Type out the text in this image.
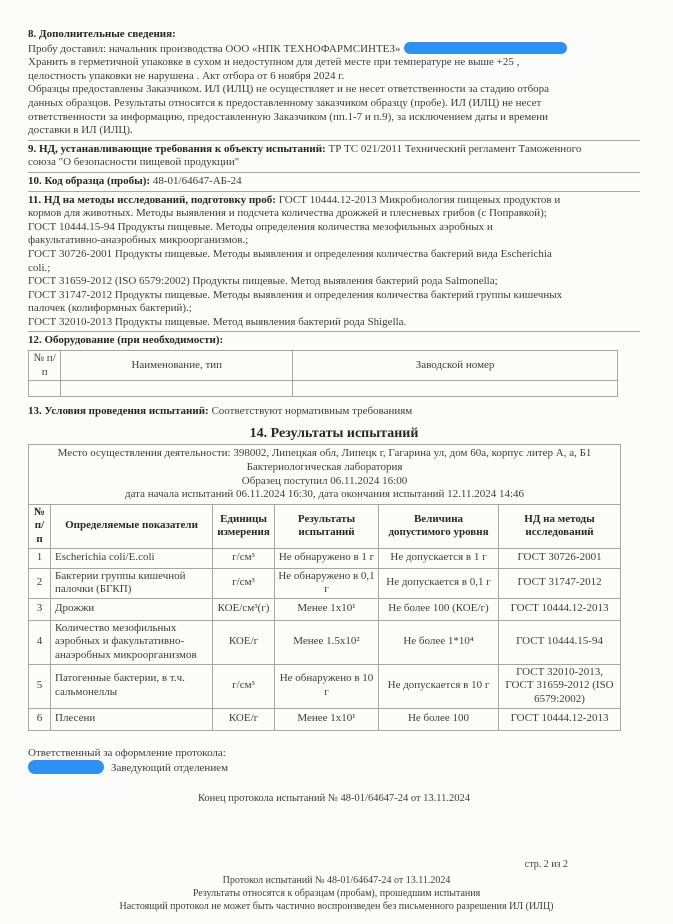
8. Дополнительные сведения:
Пробу доставил: начальник производства ООО «НПК ТЕХНОФАРМСИНТЕЗ»
Хранить в герметичной упаковке в сухом и недоступном для детей месте при температуре не выше +25 ,
целостность упаковки не нарушена . Акт отбора от 6 ноября 2024 г.
Образцы предоставлены Заказчиком. ИЛ (ИЛЦ) не осуществляет и не несет ответственности за стадию отбора
данных образцов. Результаты относятся к предоставленному заказчиком образцу (пробе). ИЛ (ИЛЦ) не несет
ответственности за информацию, предоставленную Заказчиком (пп.1-7 и п.9), за исключением даты и времени
доставки в ИЛ (ИЛЦ).
9. НД, устанавливающие требования к объекту испытаний: ТР ТС 021/2011 Технический регламент Таможенного
союза "О безопасности пищевой продукции"
10. Код образца (пробы): 48-01/64647-АБ-24
11. НД на методы исследований, подготовку проб: ГОСТ 10444.12-2013 Микробиология пищевых продуктов и
кормов для животных. Методы выявления и подсчета количества дрожжей и плесневых грибов (с Поправкой);
ГОСТ 10444.15-94 Продукты пищевые. Методы определения количества мезофильных аэробных и
факультативно-анаэробных микроорганизмов.;
ГОСТ 30726-2001 Продукты пищевые. Методы выявления и определения количества бактерий вида Escherichia
coli.;
ГОСТ 31659-2012 (ISO 6579:2002) Продукты пищевые. Метод выявления бактерий рода Salmonella;
ГОСТ 31747-2012 Продукты пищевые. Методы выявления и определения количества бактерий группы кишечных
палочек (колиформных бактерий).;
ГОСТ 32010-2013 Продукты пищевые. Метод выявления бактерий рода Shigella.
12. Оборудование (при необходимости):
№ п/п	Наименование, тип	Заводской номер

13. Условия проведения испытаний: Соответствуют нормативным требованиям
14. Результаты испытаний
Место осуществления деятельности: 398002, Липецкая обл, Липецк г, Гагарина ул, дом 60а, корпус литер А, а, Б1
Бактериологическая лаборатория
Образец поступил 06.11.2024 16:00
дата начала испытаний 06.11.2024 16:30, дата окончания испытаний 12.11.2024 14:46					

№ п/п	Определяемые показатели	Единицы измерения	Результаты испытаний	Величина допустимого уровня	НД на методы исследований
1	Escherichia coli/E.coli	г/см³	Не обнаружено в 1 г	Не допускается в 1 г	ГОСТ 30726-2001
2	Бактерии группы кишечной палочки (БГКП)	г/см³	Не обнаружено в 0,1 г	Не допускается в 0,1 г	ГОСТ 31747-2012
3	Дрожжи	КОЕ/см³(г)	Менее 1x10¹	Не более 100 (КОЕ/г)	ГОСТ 10444.12-2013
4	Количество мезофильных аэробных и факультативно-анаэробных микроорганизмов	КОЕ/г	Менее 1.5x10²	Не более 1*10⁴	ГОСТ 10444.15-94
5	Патогенные бактерии, в т.ч. сальмонеллы	г/см³	Не обнаружено в 10 г	Не допускается в 10 г	ГОСТ 32010-2013, ГОСТ 31659-2012 (ISO 6579:2002)
6	Плесени	КОЕ/г	Менее 1x10¹	Не более 100	ГОСТ 10444.12-2013
Ответственный за оформление протокола:
Заведующий отделением
Конец протокола испытаний № 48-01/64647-24 от 13.11.2024
стр. 2 из 2
Протокол испытаний № 48-01/64647-24 от 13.11.2024
Результаты относятся к образцам (пробам), прошедшим испытания
Настоящий протокол не может быть частично воспроизведен без письменного разрешения ИЛ (ИЛЦ)
